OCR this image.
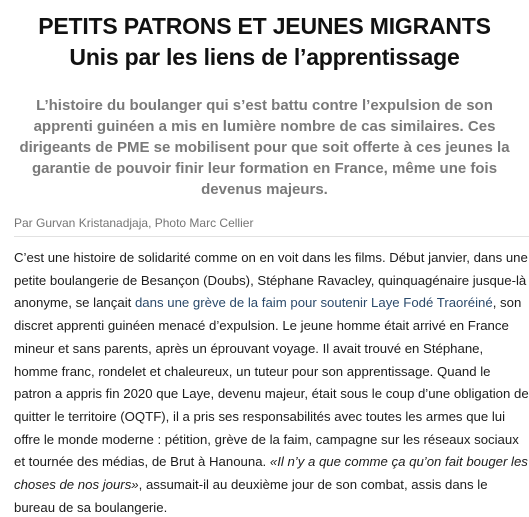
PETITS PATRONS ET JEUNES MIGRANTS
Unis par les liens de l’apprentissage

L’histoire du boulanger qui s’est battu contre l’expulsion de son apprenti guinéen a mis en lumière nombre de cas similaires. Ces dirigeants de PME se mobilisent pour que soit offerte à ces jeunes la garantie de pouvoir finir leur formation en France, même une fois devenus majeurs.

Par Gurvan Kristanadjaja, Photo Marc Cellier

C’est une histoire de solidarité comme on en voit dans les films. Début janvier, dans une petite boulangerie de Besançon (Doubs), Stéphane Ravacley, quinquagénaire jusque-là anonyme, se lançait dans une grève de la faim pour soutenir Laye Fodé Traoréiné, son discret apprenti guinéen menacé d’expulsion. Le jeune homme était arrivé en France mineur et sans parents, après un éprouvant voyage. Il avait trouvé en Stéphane, homme franc, rondelet et chaleureux, un tuteur pour son apprentissage. Quand le patron a appris fin 2020 que Laye, devenu majeur, était sous le coup d’une obligation de quitter le territoire (OQTF), il a pris ses responsabilités avec toutes les armes que lui offre le monde moderne : pétition, grève de la faim, campagne sur les réseaux sociaux et tournée des médias, de Brut à Hanouna. «Il n’y a que comme ça qu’on fait bouger les choses de nos jours», assumait-il au deuxième jour de son combat, assis dans le bureau de sa boulangerie.
